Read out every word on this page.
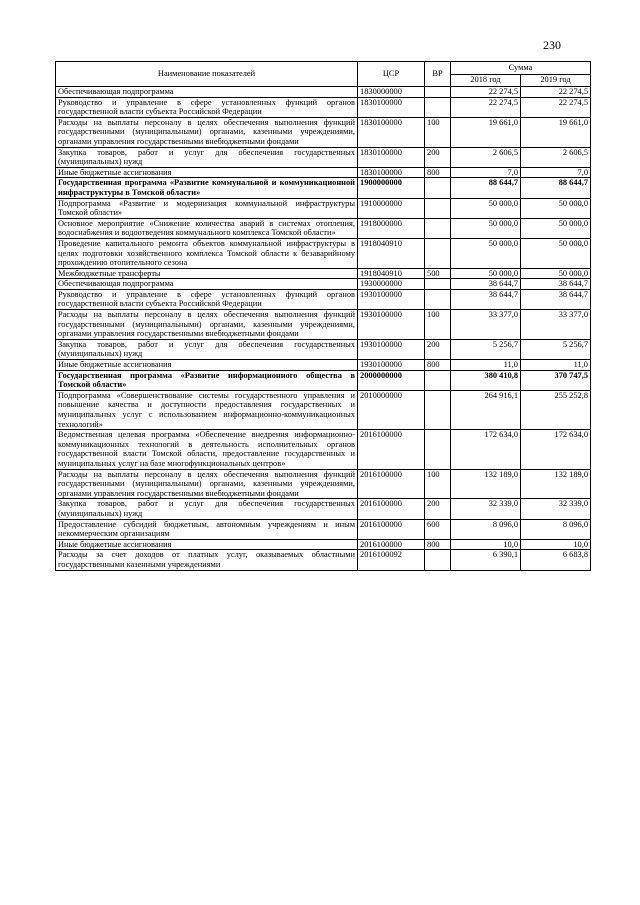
230
Наименование показателей	ЦСР	ВР	Сумма	
			2018 год	2019 год
Обеспечивающая подпрограмма	1830000000		22 274,5	22 274,5
Руководство и управление в сфере установленных функций органов государственной власти субъекта Российской Федерации	1830100000		22 274,5	22 274,5
Расходы на выплаты персоналу в целях обеспечения выполнения функций государственными (муниципальными) органами, казенными учреждениями, органами управления государственными внебюджетными фондами	1830100000	100	19 661,0	19 661,0
Закупка товаров, работ и услуг для обеспечения государственных (муниципальных) нужд	1830100000	200	2 606,5	2 606,5
Иные бюджетные ассигнования	1830100000	800	7,0	7,0
Государственная программа «Развитие коммунальной и коммуникационной инфраструктуры в Томской области»	1900000000		88 644,7	88 644,7
Подпрограмма «Развитие и модернизация коммунальной инфраструктуры Томской области»	1910000000		50 000,0	50 000,0
Основное мероприятие «Снижение количества аварий в системах отопления, водоснабжения и водоотведения коммунального комплекса Томской области»	1918000000		50 000,0	50 000,0
Проведение капитального ремонта объектов коммунальной инфраструктуры в целях подготовки хозяйственного комплекса Томской области к безаварийному прохождению отопительного сезона	1918040910		50 000,0	50 000,0
Межбюджетные трансферты	1918040910	500	50 000,0	50 000,0
Обеспечивающая подпрограмма	1930000000		38 644,7	38 644,7
Руководство и управление в сфере установленных функций органов государственной власти субъекта Российской Федерации	1930100000		38 644,7	38 644,7
Расходы на выплаты персоналу в целях обеспечения выполнения функций государственными (муниципальными) органами, казенными учреждениями, органами управления государственными внебюджетными фондами	1930100000	100	33 377,0	33 377,0
Закупка товаров, работ и услуг для обеспечения государственных (муниципальных) нужд	1930100000	200	5 256,7	5 256,7
Иные бюджетные ассигнования	1930100000	800	11,0	11,0
Государственная программа «Развитие информационного общества в Томской области»	2000000000		380 410,8	370 747,5
Подпрограмма «Совершенствование системы государственного управления и повышение качества и доступности предоставления государственных и муниципальных услуг с использованием информационно-коммуникационных технологий»	2010000000		264 916,1	255 252,8
Ведомственная целевая программа «Обеспечение внедрения информационно-коммуникационных технологий в деятельность исполнительных органов государственной власти Томской области, предоставление государственных и муниципальных услуг на базе многофункциональных центров»	2016100000		172 634,0	172 634,0
Расходы на выплаты персоналу в целях обеспечения выполнения функций государственными (муниципальными) органами, казенными учреждениями, органами управления государственными внебюджетными фондами	2016100000	100	132 189,0	132 189,0
Закупка товаров, работ и услуг для обеспечения государственных (муниципальных) нужд	2016100000	200	32 339,0	32 339,0
Предоставление субсидий бюджетным, автономным учреждениям и иным некоммерческим организациям	2016100000	600	8 096,0	8 096,0
Иные бюджетные ассигнования	2016100000	800	10,0	10,0
Расходы за счет доходов от платных услуг, оказываемых областными государственными казенными учреждениями	2016100092		6 390,1	6 683,8
